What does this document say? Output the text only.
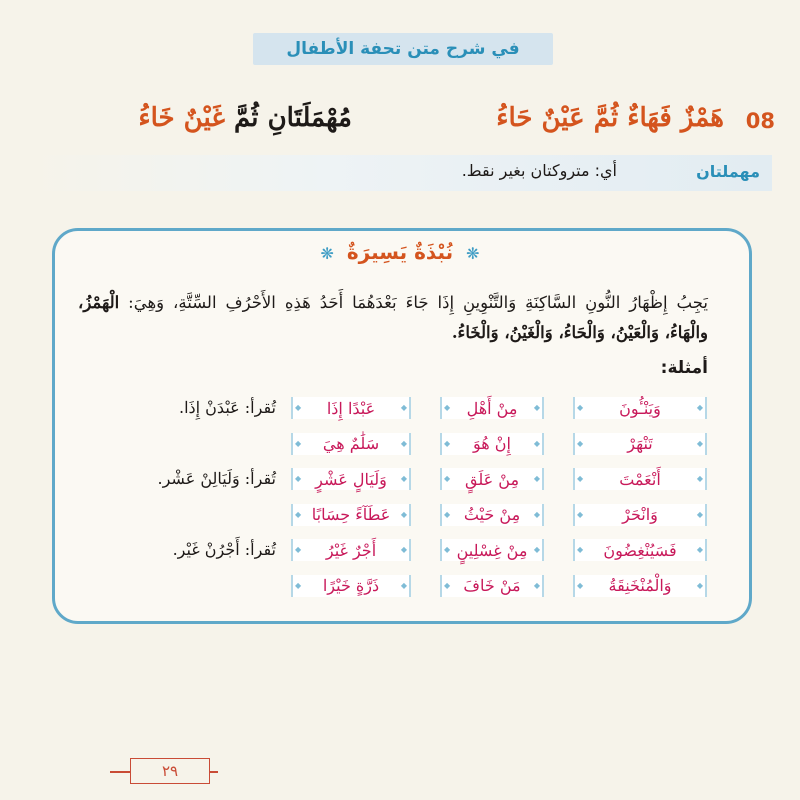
في شرح متن تحفة الأطفال
08
هَمْزٌ فَهَاءٌ ثُمَّ عَيْنٌ حَاءُ
مُهْمَلَتَانِ ثُمَّ غَيْنٌ خَاءُ
مهملتان
أي: متروكتان بغير نقط.
❋ نُبْذَةٌ يَسِيرَةٌ ❋
يَجِبُ إِظْهَارُ النُّونِ السَّاكِنَةِ وَالتَّنْوِينِ إِذَا جَاءَ بَعْدَهُمَا أَحَدُ هَذِهِ الأَحْرُفِ السِّتَّةِ، وَهِيَ: الْهَمْزُ، والْهَاءُ، وَالْعَيْنُ، وَالْحَاءُ، وَالْغَيْنُ، وَالْخَاءُ.
أمثلة:
◆ وَيَنْـُٔونَ ◆
◆ مِنْ أَهْلِ ◆
◆ عَبْدًا إِذَا ◆
تُقرأ: عَبْدَنْ إِذَا.
◆ تَنْهَرْ ◆
◆ إِنْ هُوَ ◆
◆ سَلَٰمٌ هِيَ ◆
◆ أَنْعَمْتَ ◆
◆ مِنْ عَلَقٍ ◆
◆ وَلَيَالٍ عَشْرٍ ◆
تُقرأ: وَلَيَالِنْ عَشْر.
◆ وَانْحَرْ ◆
◆ مِنْ حَيْثُ ◆
◆ عَطَآءً حِسَابًا ◆
◆ فَسَيُنْغِضُونَ ◆
◆ مِنْ غِسْلِينٍ ◆
◆ أَجْرٌ غَيْرُ ◆
تُقرأ: أَجْرُنْ غَيْر.
◆ وَالْمُنْخَنِقَةُ ◆
◆ مَنْ خَافَ ◆
◆ ذَرَّةٍ خَيْرًا ◆
٢٩
